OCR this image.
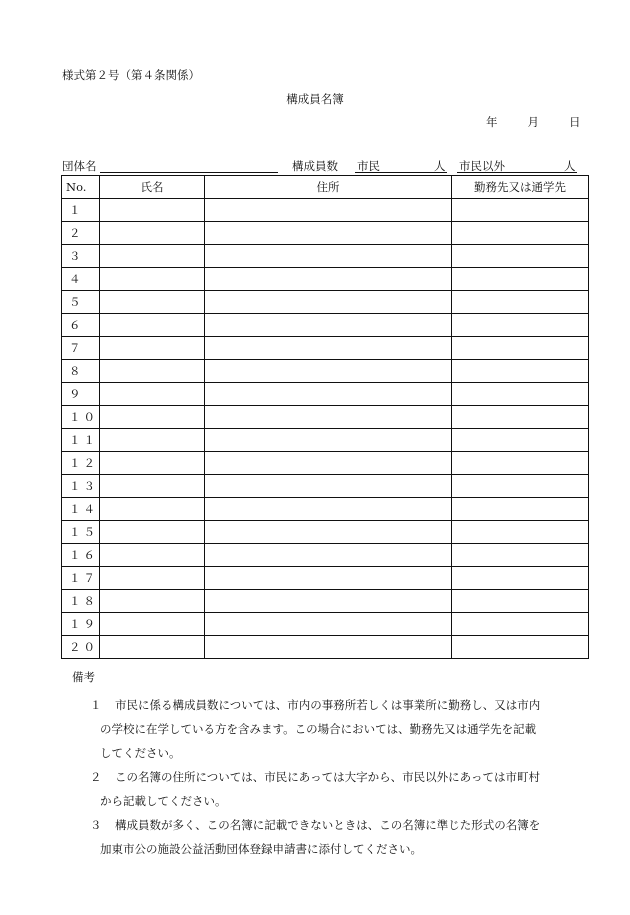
様式第２号（第４条関係）
構成員名簿
年	月	日
団体名	構成員数 市民	人 市民以外	人
No.	氏名	住所	勤務先又は通学先
１			
２			
３			
４			
５			
６			
７			
８			
９			
１０			
１１			
１２			
１３			
１４			
１５			
１６			
１７			
１８			
１９			
２０			
備考
１ 市民に係る構成員数については、市内の事務所若しくは事業所に勤務し、又は市内
の学校に在学している方を含みます。この場合においては、勤務先又は通学先を記載
してください。
２ この名簿の住所については、市民にあっては大字から、市民以外にあっては市町村
から記載してください。
３ 構成員数が多く、この名簿に記載できないときは、この名簿に準じた形式の名簿を
加東市公の施設公益活動団体登録申請書に添付してください。
